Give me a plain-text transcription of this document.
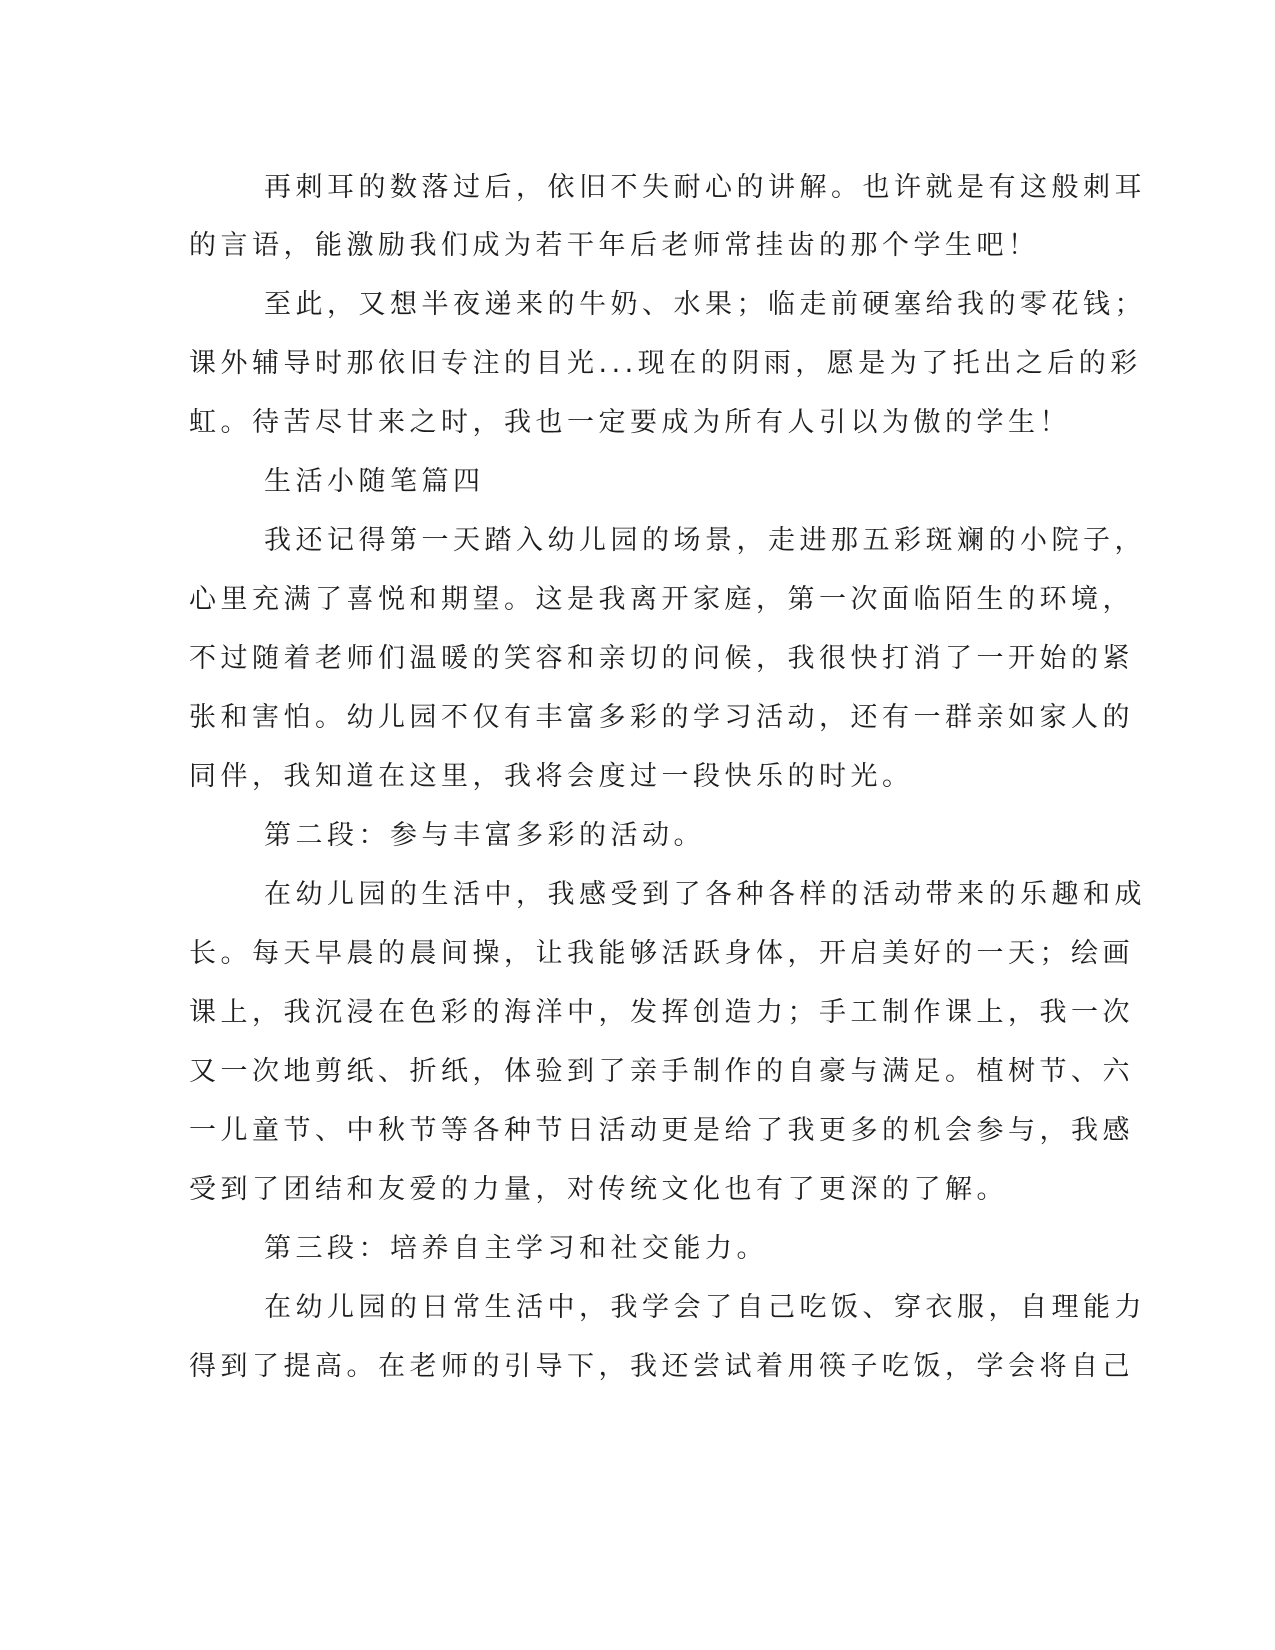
再刺耳的数落过后，依旧不失耐心的讲解。也许就是有这般刺耳
的言语，能激励我们成为若干年后老师常挂齿的那个学生吧！
至此，又想半夜递来的牛奶、水果；临走前硬塞给我的零花钱；
课外辅导时那依旧专注的目光...现在的阴雨，愿是为了托出之后的彩
虹。待苦尽甘来之时，我也一定要成为所有人引以为傲的学生！
生活小随笔篇四
我还记得第一天踏入幼儿园的场景，走进那五彩斑斓的小院子，
心里充满了喜悦和期望。这是我离开家庭，第一次面临陌生的环境，
不过随着老师们温暖的笑容和亲切的问候，我很快打消了一开始的紧
张和害怕。幼儿园不仅有丰富多彩的学习活动，还有一群亲如家人的
同伴，我知道在这里，我将会度过一段快乐的时光。
第二段：参与丰富多彩的活动。
在幼儿园的生活中，我感受到了各种各样的活动带来的乐趣和成
长。每天早晨的晨间操，让我能够活跃身体，开启美好的一天；绘画
课上，我沉浸在色彩的海洋中，发挥创造力；手工制作课上，我一次
又一次地剪纸、折纸，体验到了亲手制作的自豪与满足。植树节、六
一儿童节、中秋节等各种节日活动更是给了我更多的机会参与，我感
受到了团结和友爱的力量，对传统文化也有了更深的了解。
第三段：培养自主学习和社交能力。
在幼儿园的日常生活中，我学会了自己吃饭、穿衣服，自理能力
得到了提高。在老师的引导下，我还尝试着用筷子吃饭，学会将自己
